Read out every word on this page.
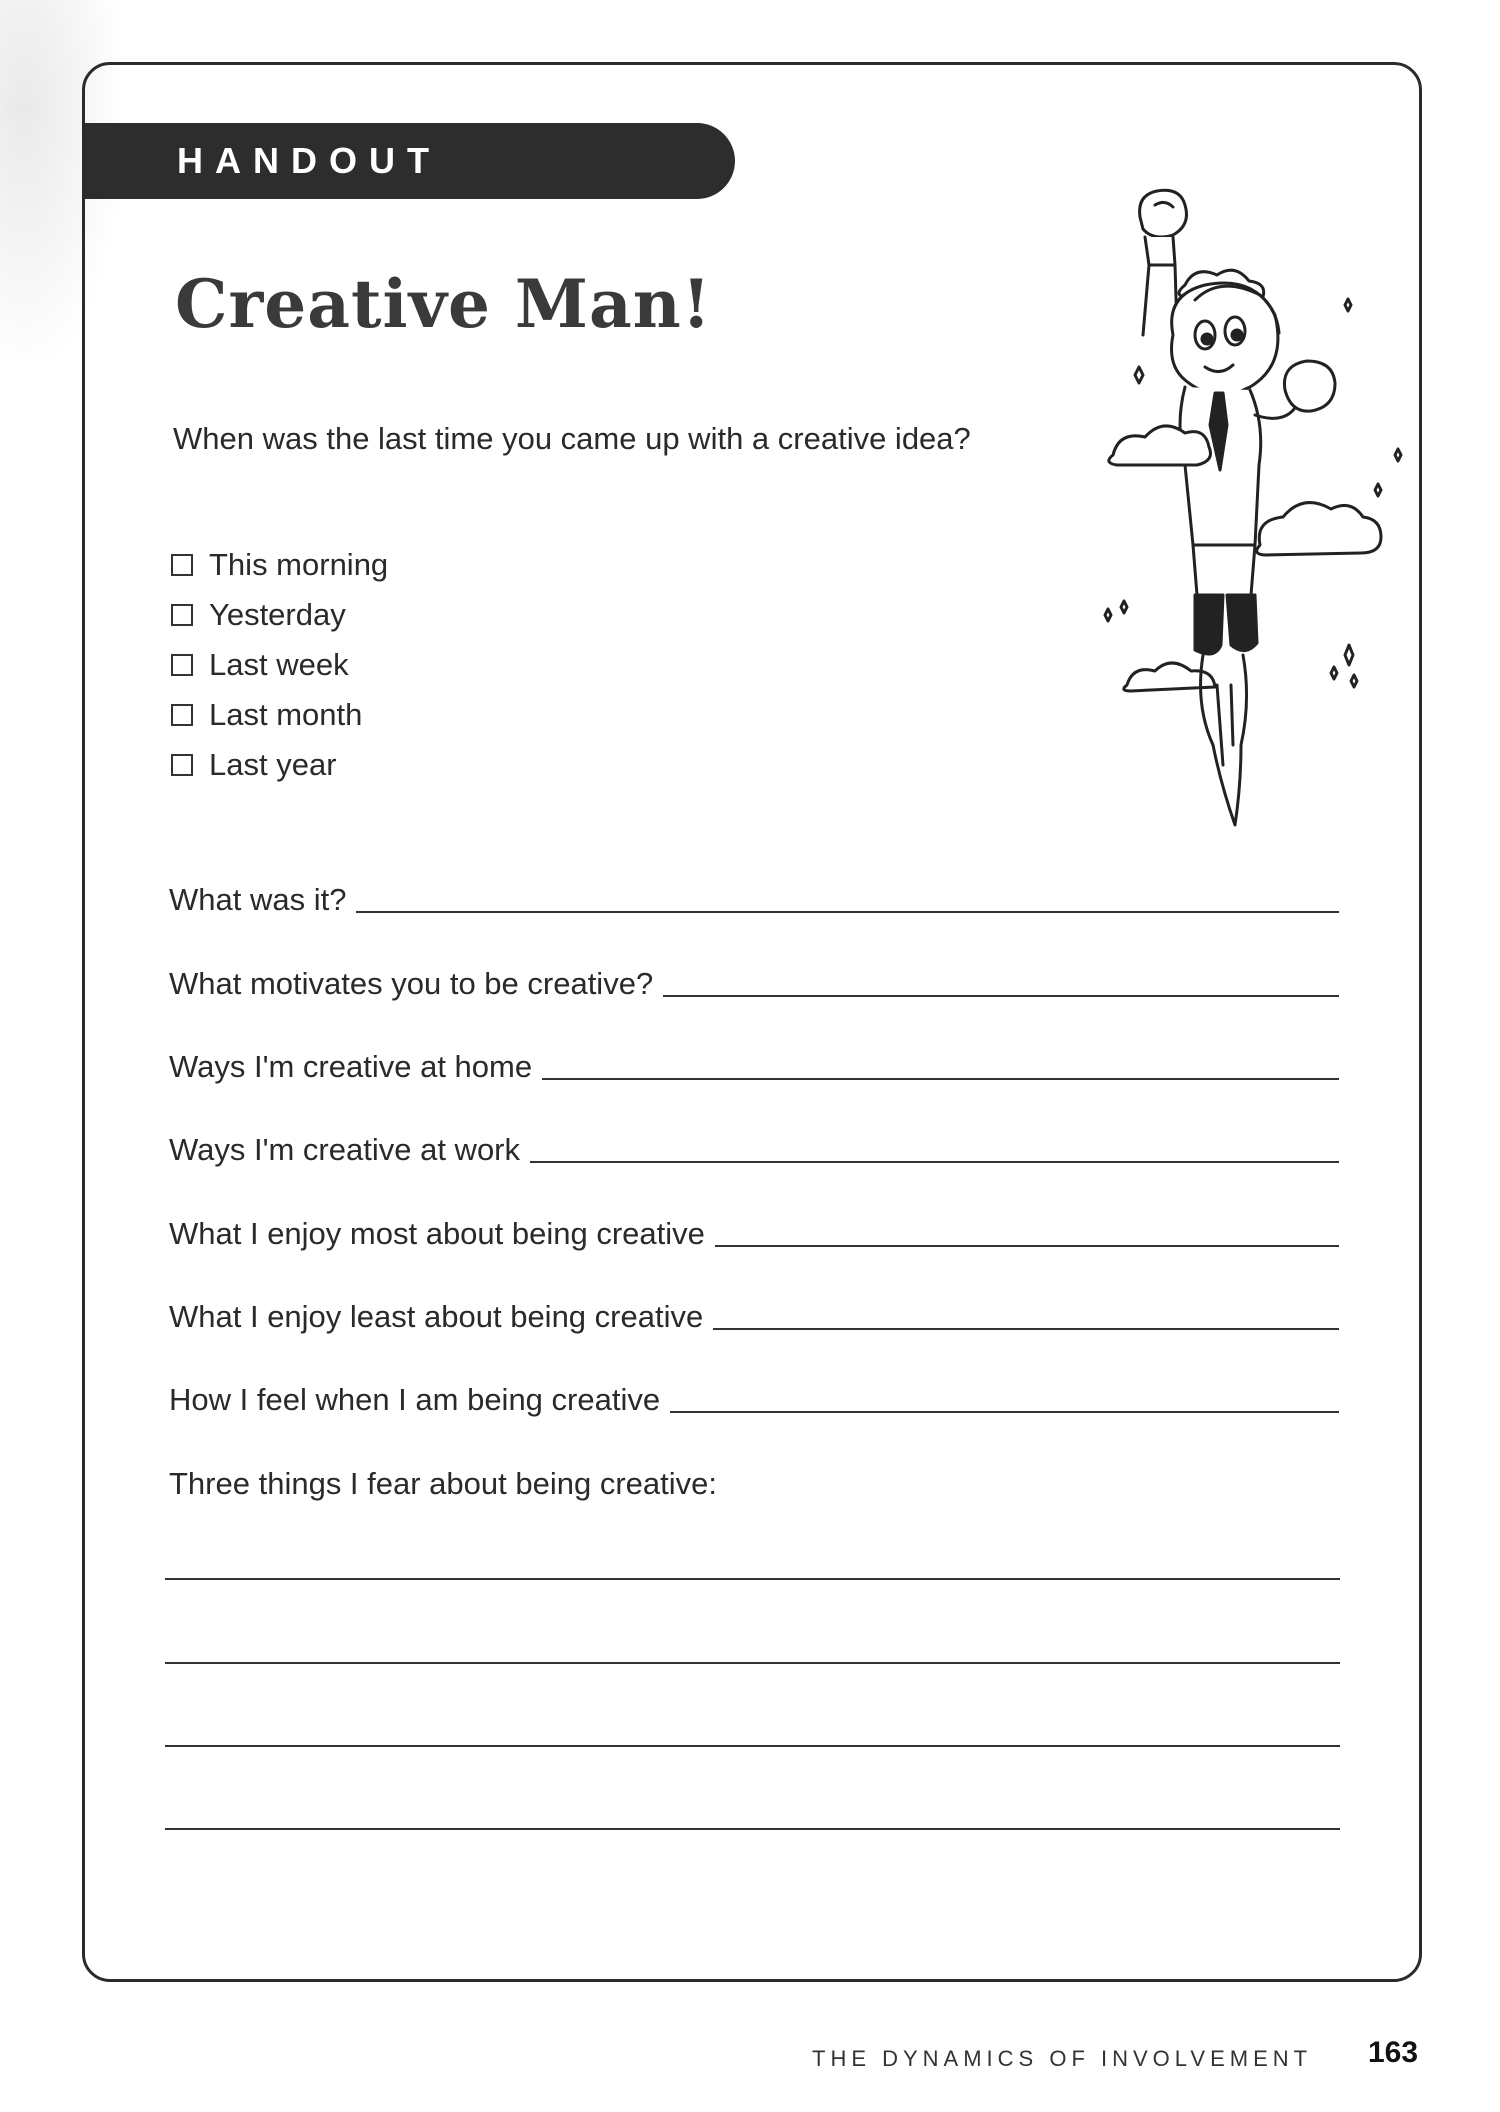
HANDOUT
Creative Man!
When was the last time you came up with a creative idea?
This morning
Yesterday
Last week
Last month
Last year
What was it?
What motivates you to be creative?
Ways I'm creative at home
Ways I'm creative at work
What I enjoy most about being creative
What I enjoy least about being creative
How I feel when I am being creative
Three things I fear about being creative:
THE DYNAMICS OF INVOLVEMENT 163
